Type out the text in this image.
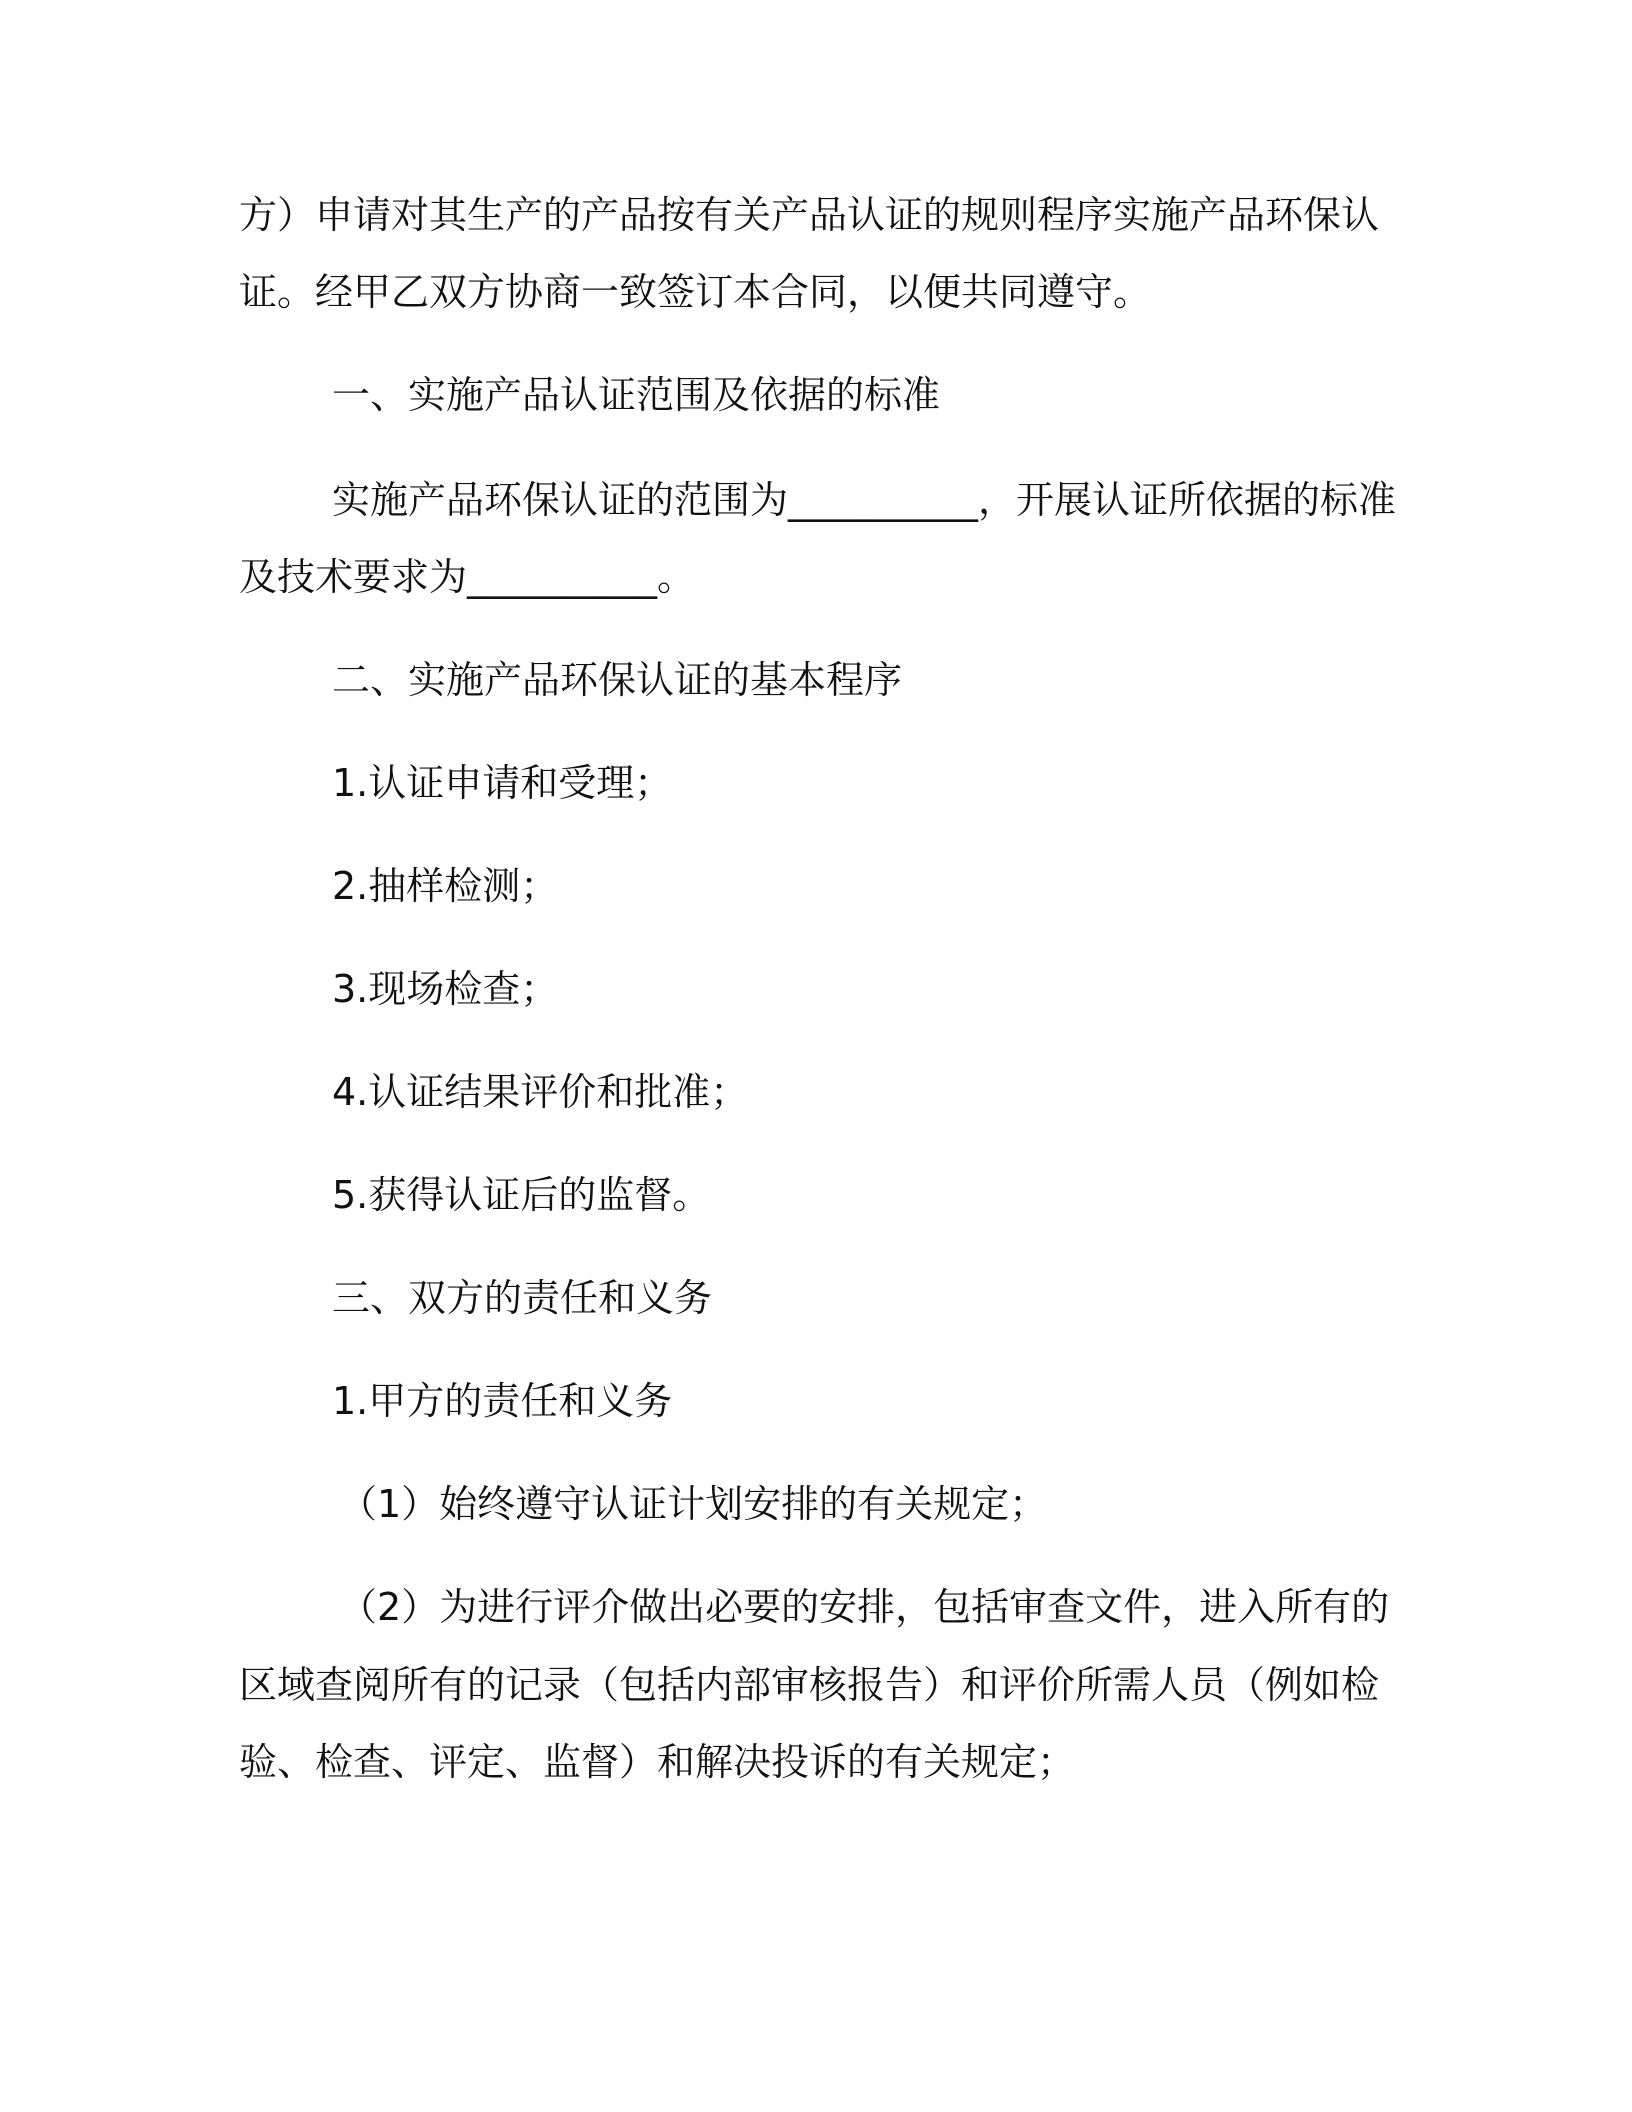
方）申请对其生产的产品按有关产品认证的规则程序实施产品环保认
证。经甲乙双方协商一致签订本合同，以便共同遵守。
一、实施产品认证范围及依据的标准
实施产品环保认证的范围为__________，开展认证所依据的标准
及技术要求为__________。
二、实施产品环保认证的基本程序
1.认证申请和受理；
2.抽样检测；
3.现场检查；
4.认证结果评价和批准；
5.获得认证后的监督。
三、双方的责任和义务
1.甲方的责任和义务
（1）始终遵守认证计划安排的有关规定；
（2）为进行评介做出必要的安排，包括审查文件，进入所有的
区域查阅所有的记录（包括内部审核报告）和评价所需人员（例如检
验、检查、评定、监督）和解决投诉的有关规定；
